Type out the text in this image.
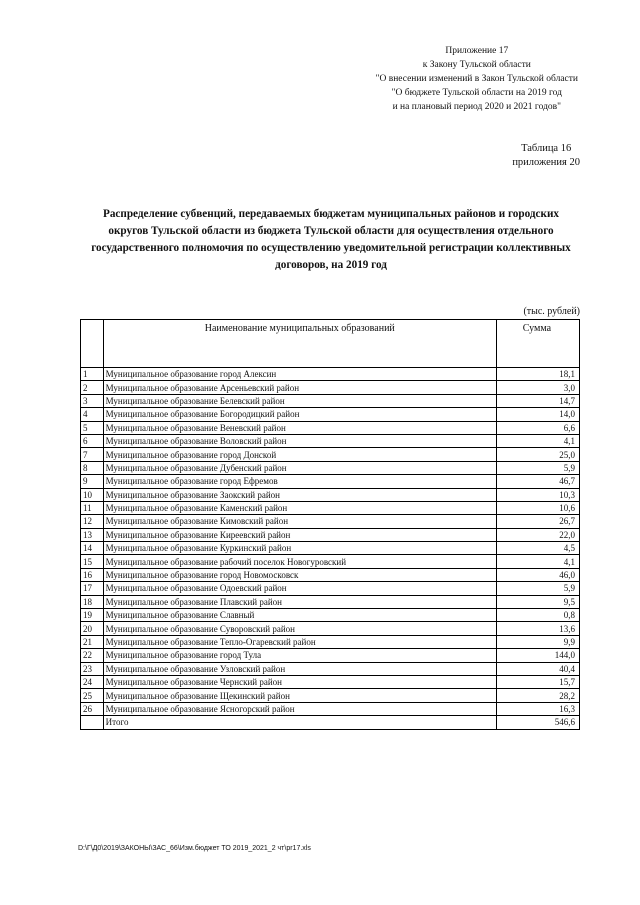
Приложение 17
к Закону Тульской области
"О внесении изменений в Закон Тульской области
"О бюджете Тульской области на 2019 год
и на плановый период 2020 и 2021 годов"
Таблица 16
приложения 20
Распределение субвенций, передаваемых бюджетам муниципальных районов и городских округов Тульской области из бюджета Тульской области для осуществления отдельного государственного полномочия по осуществлению уведомительной регистрации коллективных договоров, на 2019 год
(тыс. рублей)
	Наименование муниципальных образований	Сумма
1	Муниципальное образование город Алексин	18,1
2	Муниципальное образование Арсеньевский район	3,0
3	Муниципальное образование Белевский район	14,7
4	Муниципальное образование Богородицкий район	14,0
5	Муниципальное образование Веневский район	6,6
6	Муниципальное образование Воловский район	4,1
7	Муниципальное образование город Донской	25,0
8	Муниципальное образование Дубенский район	5,9
9	Муниципальное образование город Ефремов	46,7
10	Муниципальное образование Заокский район	10,3
11	Муниципальное образование Каменский район	10,6
12	Муниципальное образование Кимовский район	26,7
13	Муниципальное образование Киреевский район	22,0
14	Муниципальное образование Куркинский район	4,5
15	Муниципальное образование рабочий поселок Новогуровский	4,1
16	Муниципальное образование город Новомосковск	46,0
17	Муниципальное образование Одоевский район	5,9
18	Муниципальное образование Плавский район	9,5
19	Муниципальное образование Славный	0,8
20	Муниципальное образование Суворовский район	13,6
21	Муниципальное образование Тепло-Огаревский район	9,9
22	Муниципальное образование город Тула	144,0
23	Муниципальное образование Узловский район	40,4
24	Муниципальное образование Чернский район	15,7
25	Муниципальное образование Щекинский район	28,2
26	Муниципальное образование Ясногорский район	16,3
	Итого	546,6
D:\Г\Д0\2019\ЗАКОНЫ\ЗАС_66\Изм.бюджет ТО 2019_2021_2 чт\pr17.xls
